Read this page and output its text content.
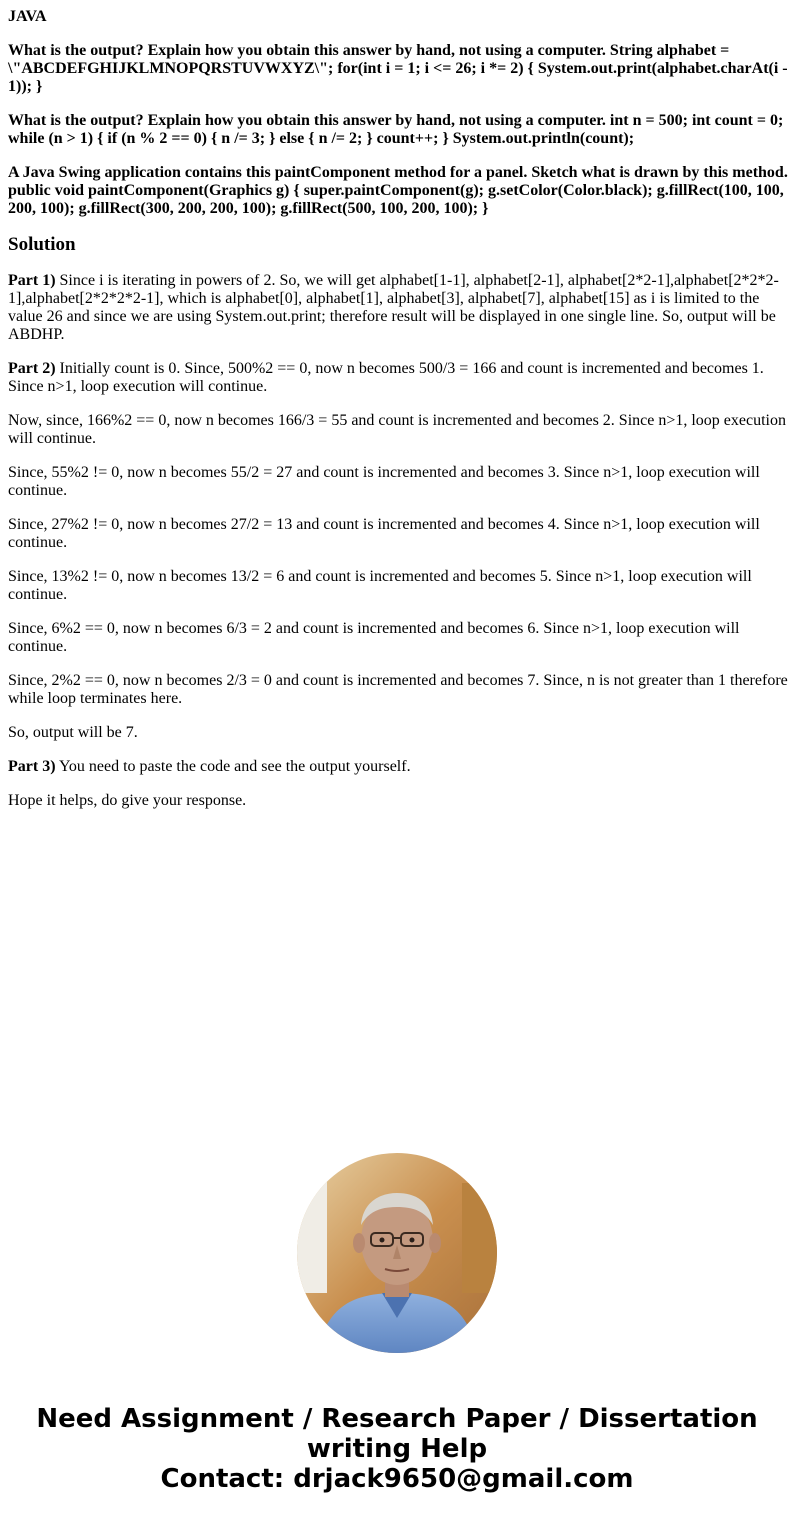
JAVA

What is the output? Explain how you obtain this answer by hand, not using a computer. String alphabet = \"ABCDEFGHIJKLMNOPQRSTUVWXYZ\"; for(int i = 1; i <= 26; i *= 2) { System.out.print(alphabet.charAt(i - 1)); }

What is the output? Explain how you obtain this answer by hand, not using a computer. int n = 500; int count = 0; while (n > 1) { if (n % 2 == 0) { n /= 3; } else { n /= 2; } count++; } System.out.println(count);

A Java Swing application contains this paintComponent method for a panel. Sketch what is drawn by this method. public void paintComponent(Graphics g) { super.paintComponent(g); g.setColor(Color.black); g.fillRect(100, 100, 200, 100); g.fillRect(300, 200, 200, 100); g.fillRect(500, 100, 200, 100); }

Solution

Part 1) Since i is iterating in powers of 2. So, we will get alphabet[1-1], alphabet[2-1], alphabet[2*2-1],alphabet[2*2*2-1],alphabet[2*2*2*2-1], which is alphabet[0], alphabet[1], alphabet[3], alphabet[7], alphabet[15] as i is limited to the value 26 and since we are using System.out.print; therefore result will be displayed in one single line. So, output will be ABDHP.

Part 2) Initially count is 0. Since, 500%2 == 0, now n becomes 500/3 = 166 and count is incremented and becomes 1. Since n>1, loop execution will continue.

Now, since, 166%2 == 0, now n becomes 166/3 = 55 and count is incremented and becomes 2. Since n>1, loop execution will continue.

Since, 55%2 != 0, now n becomes 55/2 = 27 and count is incremented and becomes 3. Since n>1, loop execution will continue.

Since, 27%2 != 0, now n becomes 27/2 = 13 and count is incremented and becomes 4. Since n>1, loop execution will continue.

Since, 13%2 != 0, now n becomes 13/2 = 6 and count is incremented and becomes 5. Since n>1, loop execution will continue.

Since, 6%2 == 0, now n becomes 6/3 = 2 and count is incremented and becomes 6. Since n>1, loop execution will continue.

Since, 2%2 == 0, now n becomes 2/3 = 0 and count is incremented and becomes 7. Since, n is not greater than 1 therefore while loop terminates here.

So, output will be 7.

Part 3) You need to paste the code and see the output yourself.

Hope it helps, do give your response.

Need Assignment / Research Paper / Dissertation
writing Help
Contact: drjack9650@gmail.com
